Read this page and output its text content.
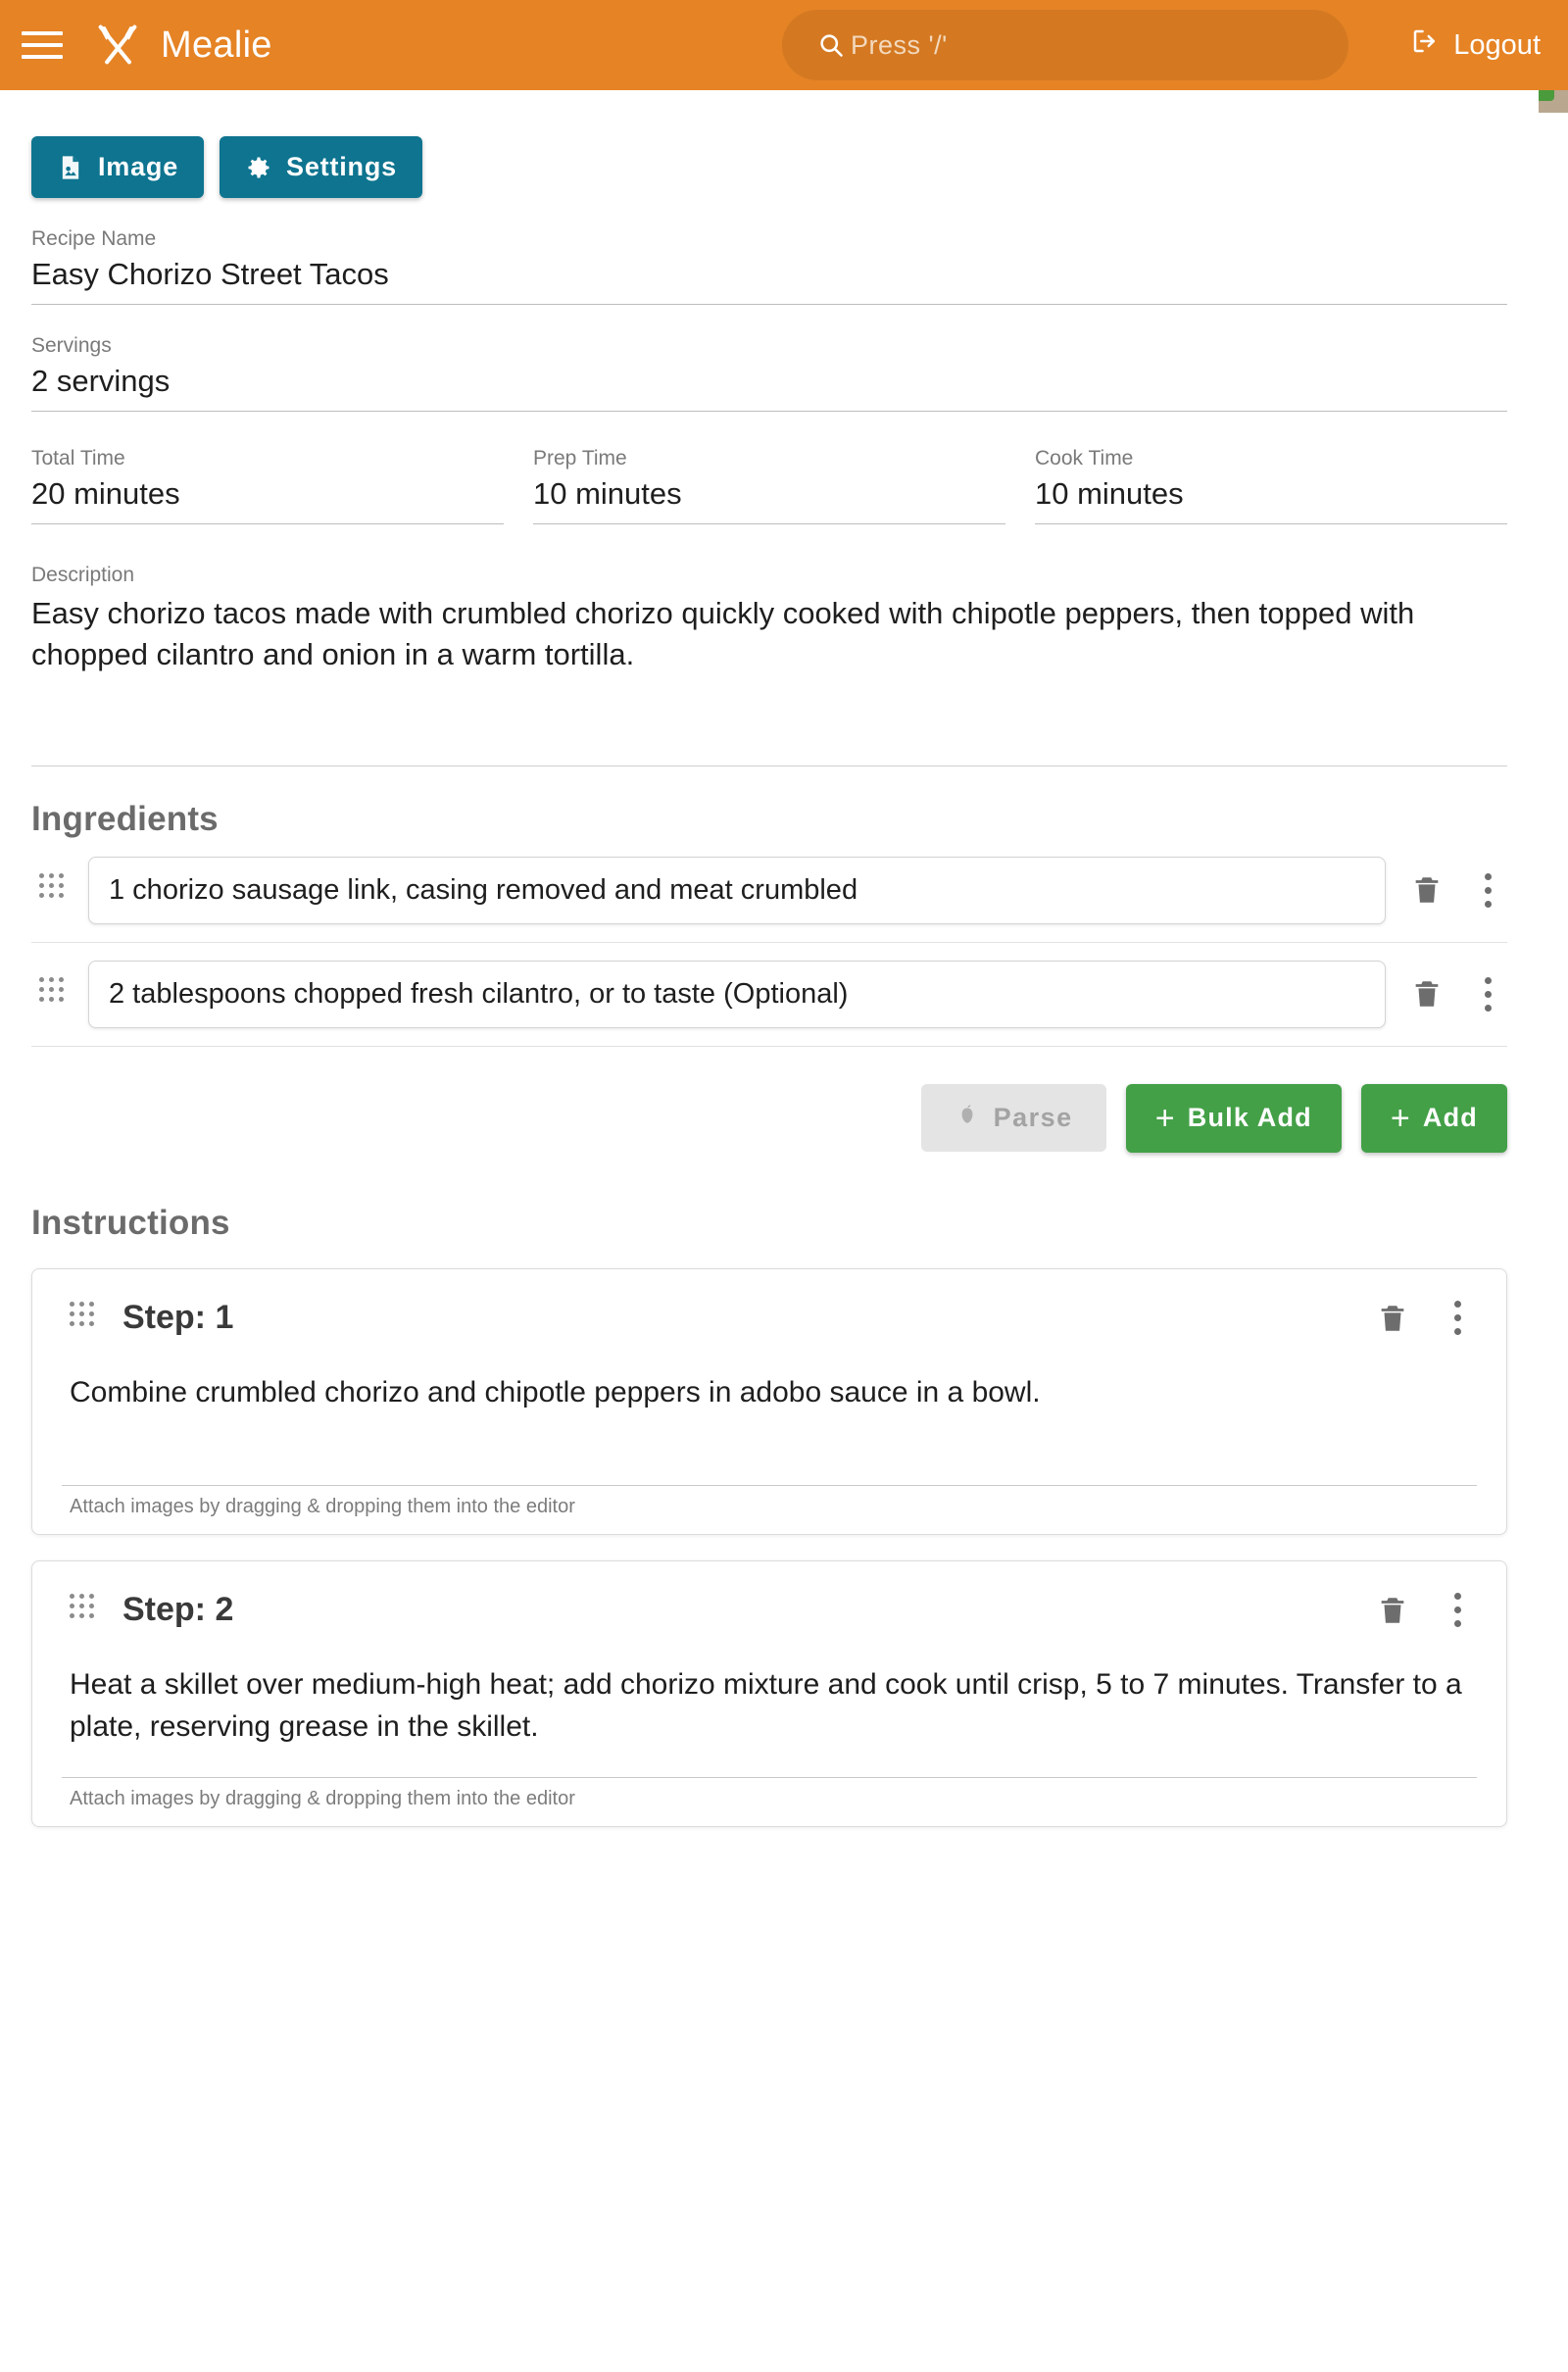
Mealie	Press '/'	Logout
Image	Settings
Recipe Name
Easy Chorizo Street Tacos
Servings
2 servings
Total Time
20 minutes
Prep Time
10 minutes
Cook Time
10 minutes
Description
Easy chorizo tacos made with crumbled chorizo quickly cooked with chipotle peppers, then topped with chopped cilantro and onion in a warm tortilla.
Ingredients
1 chorizo sausage link, casing removed and meat crumbled
2 tablespoons chopped fresh cilantro, or to taste (Optional)
Parse + Bulk Add + Add
Instructions
Step: 1
Combine crumbled chorizo and chipotle peppers in adobo sauce in a bowl.
Attach images by dragging & dropping them into the editor
Step: 2
Heat a skillet over medium-high heat; add chorizo mixture and cook until crisp, 5 to 7 minutes. Transfer to a plate, reserving grease in the skillet.
Attach images by dragging & dropping them into the editor
